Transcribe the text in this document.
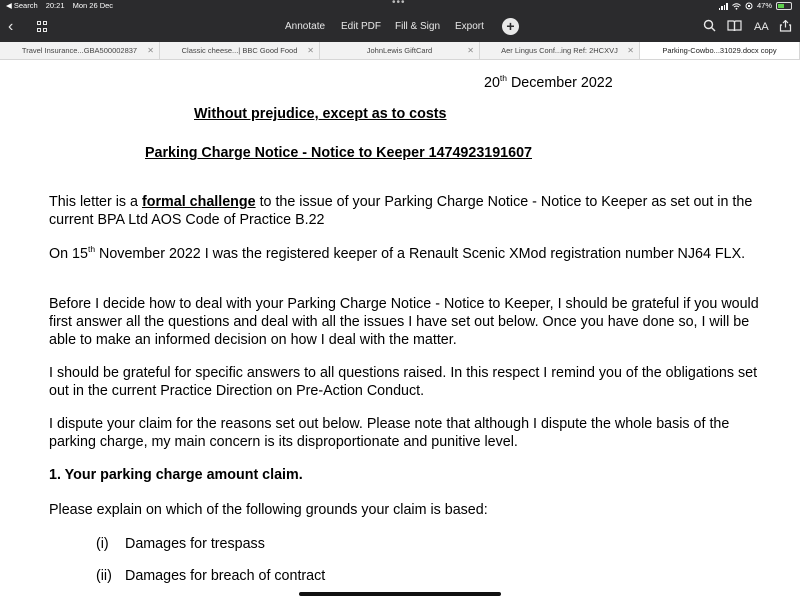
◀ Search 20:21 Mon 26 Dec	•••	47%
‹	Annotate Edit PDF Fill & Sign Export	+	AA
Travel Insurance...GBA500002837 ✕	Classic cheese...| BBC Good Food ✕	JohnLewis GiftCard	✕	Aer Lingus Conf...ing Ref: 2HCXVJ ✕	Parking-Cowbo...31029.docx copy

20th December 2022

Without prejudice, except as to costs

Parking Charge Notice - Notice to Keeper 1474923191607

This letter is a formal challenge to the issue of your Parking Charge Notice - Notice to Keeper as set out in the current BPA Ltd AOS Code of Practice B.22

On 15th November 2022 I was the registered keeper of a Renault Scenic XMod registration number NJ64 FLX.

Before I decide how to deal with your Parking Charge Notice - Notice to Keeper, I should be grateful if you would first answer all the questions and deal with all the issues I have set out below. Once you have done so, I will be able to make an informed decision on how I deal with the matter.

I should be grateful for specific answers to all questions raised. In this respect I remind you of the obligations set out in the current Practice Direction on Pre-Action Conduct.

I dispute your claim for the reasons set out below. Please note that although I dispute the whole basis of the parking charge, my main concern is its disproportionate and punitive level.

1. Your parking charge amount claim.

Please explain on which of the following grounds your claim is based:

(i) Damages for trespass

(ii) Damages for breach of contract
